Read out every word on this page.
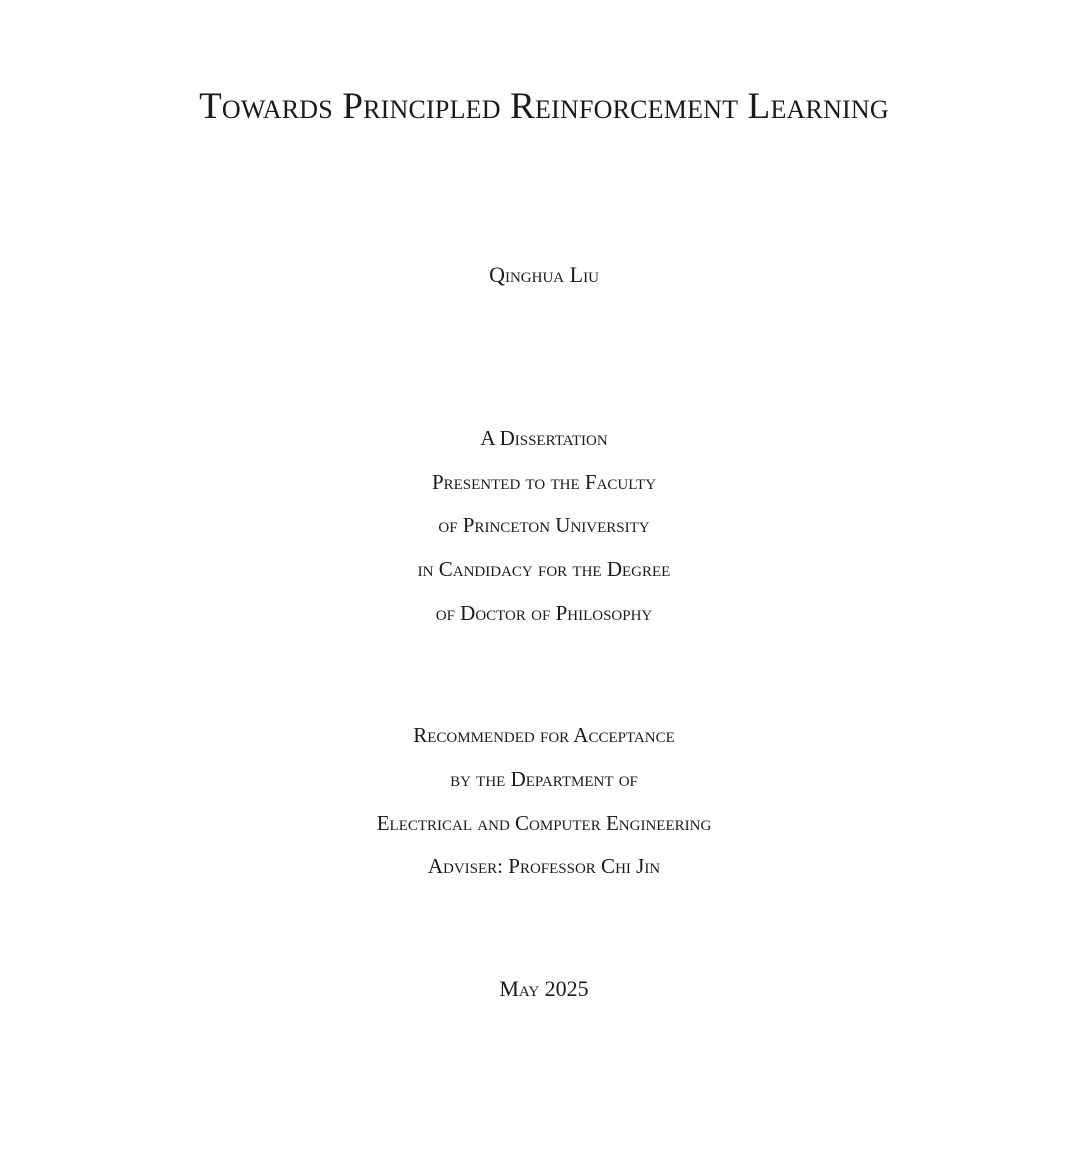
Towards Principled Reinforcement Learning
Qinghua Liu
A Dissertation
Presented to the Faculty
of Princeton University
in Candidacy for the Degree
of Doctor of Philosophy
Recommended for Acceptance
by the Department of
Electrical and Computer Engineering
Adviser: Professor Chi Jin
May 2025
